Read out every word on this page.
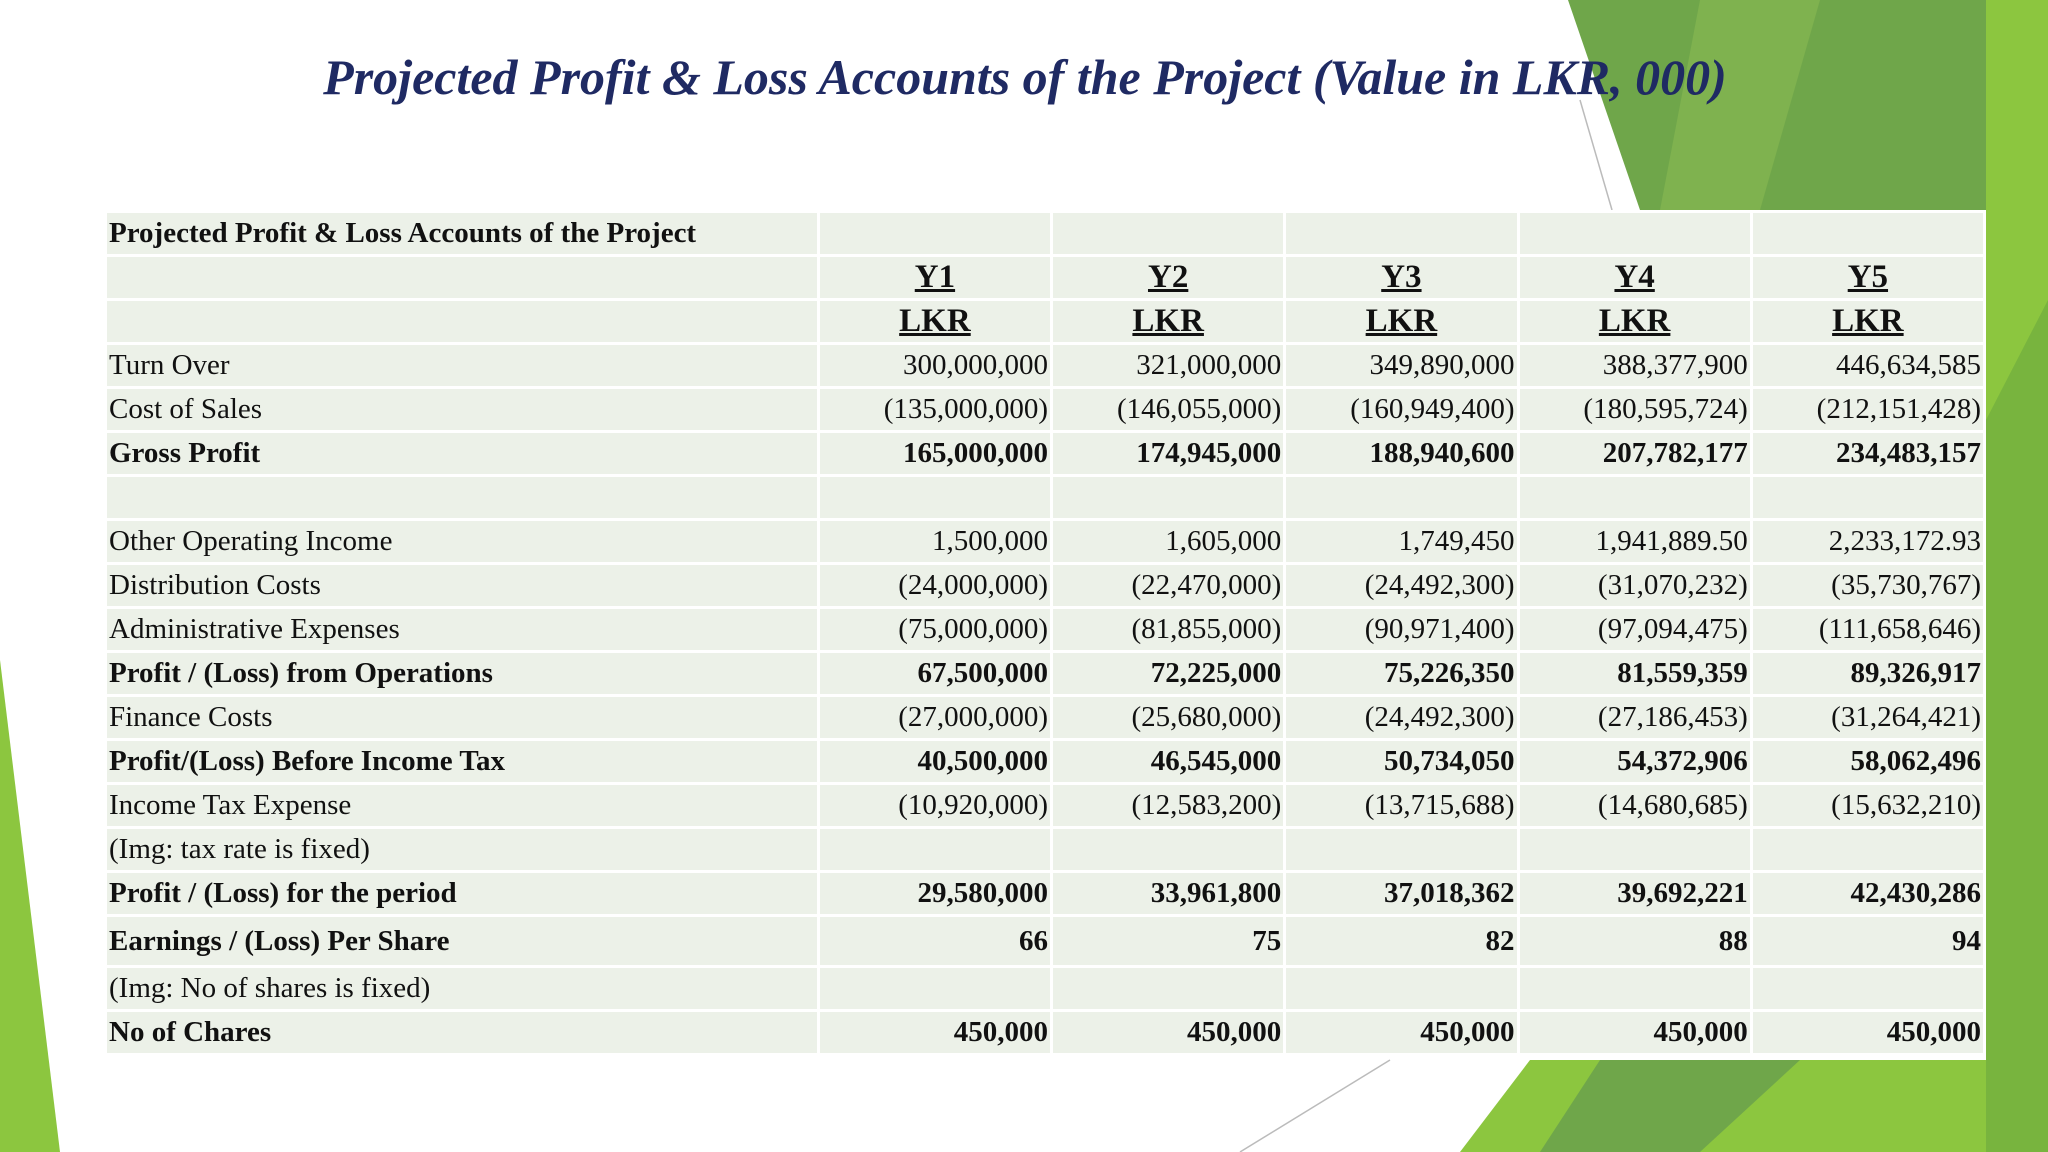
Projected Profit & Loss Accounts of the Project (Value in LKR, 000)
Projected Profit & Loss Accounts of the Project					
	Y1	Y2	Y3	Y4	Y5
	LKR	LKR	LKR	LKR	LKR
Turn Over	300,000,000	321,000,000	349,890,000	388,377,900	446,634,585
Cost of Sales	(135,000,000)	(146,055,000)	(160,949,400)	(180,595,724)	(212,151,428)
Gross Profit	165,000,000	174,945,000	188,940,600	207,782,177	234,483,157

Other Operating Income	1,500,000	1,605,000	1,749,450	1,941,889.50	2,233,172.93
Distribution Costs	(24,000,000)	(22,470,000)	(24,492,300)	(31,070,232)	(35,730,767)
Administrative Expenses	(75,000,000)	(81,855,000)	(90,971,400)	(97,094,475)	(111,658,646)
Profit / (Loss) from Operations	67,500,000	72,225,000	75,226,350	81,559,359	89,326,917
Finance Costs	(27,000,000)	(25,680,000)	(24,492,300)	(27,186,453)	(31,264,421)
Profit/(Loss) Before Income Tax	40,500,000	46,545,000	50,734,050	54,372,906	58,062,496
Income Tax Expense	(10,920,000)	(12,583,200)	(13,715,688)	(14,680,685)	(15,632,210)
(Img: tax rate is fixed)					
Profit / (Loss) for the period	29,580,000	33,961,800	37,018,362	39,692,221	42,430,286
Earnings / (Loss) Per Share	66	75	82	88	94
(Img: No of shares is fixed)					
No of Chares	450,000	450,000	450,000	450,000	450,000
